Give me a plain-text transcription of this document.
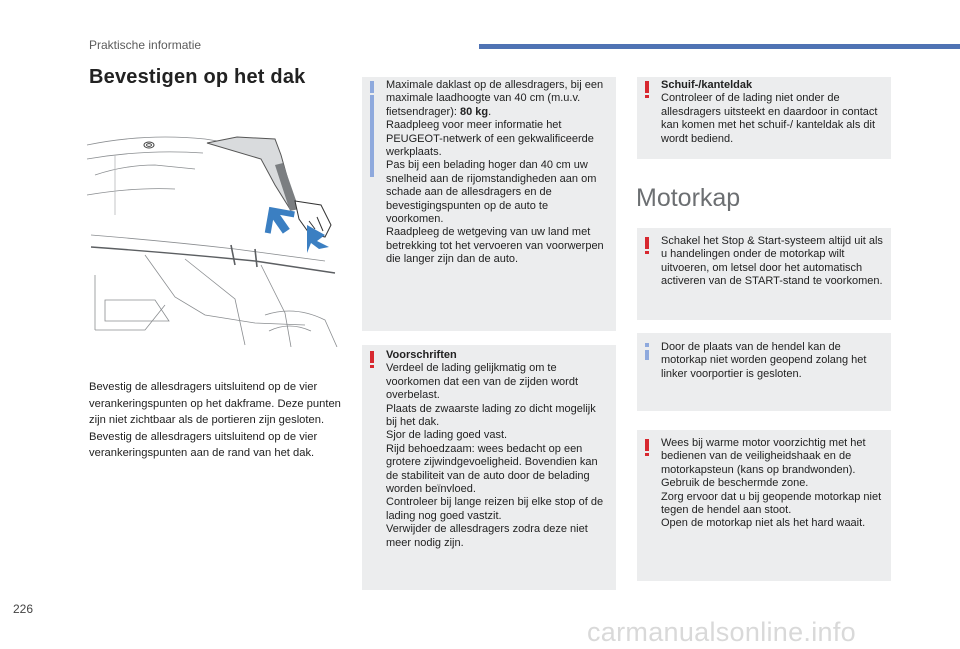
Praktische informatie
Bevestigen op het dak

Bevestig de allesdragers uitsluitend op de vier verankeringspunten op het dakframe. Deze punten zijn niet zichtbaar als de portieren zijn gesloten.

Bevestig de allesdragers uitsluitend op de vier verankeringspunten aan de rand van het dak.

Maximale daklast op de allesdragers, bij een maximale laadhoogte van 40 cm (m.u.v. fietsendrager): 80 kg.

Raadpleeg voor meer informatie het PEUGEOT-netwerk of een gekwalificeerde werkplaats.

Pas bij een belading hoger dan 40 cm uw snelheid aan de rijomstandigheden aan om schade aan de allesdragers en de bevestigingspunten op de auto te voorkomen.

Raadpleeg de wetgeving van uw land met betrekking tot het vervoeren van voorwerpen die langer zijn dan de auto.

Voorschriften

Verdeel de lading gelijkmatig om te voorkomen dat een van de zijden wordt overbelast.

Plaats de zwaarste lading zo dicht mogelijk bij het dak.

Sjor de lading goed vast.

Rijd behoedzaam: wees bedacht op een grotere zijwindgevoeligheid. Bovendien kan de stabiliteit van de auto door de belading worden beïnvloed.

Controleer bij lange reizen bij elke stop of de lading nog goed vastzit.

Verwijder de allesdragers zodra deze niet meer nodig zijn.

Schuif-/kanteldak

Controleer of de lading niet onder de allesdragers uitsteekt en daardoor in contact kan komen met het schuif-/ kanteldak als dit wordt bediend.

Motorkap

Schakel het Stop & Start-systeem altijd uit als u handelingen onder de motorkap wilt uitvoeren, om letsel door het automatisch activeren van de START-stand te voorkomen.

Door de plaats van de hendel kan de motorkap niet worden geopend zolang het linker voorportier is gesloten.

Wees bij warme motor voorzichtig met het bedienen van de veiligheidshaak en de motorkapsteun (kans op brandwonden).

Gebruik de beschermde zone.

Zorg ervoor dat u bij geopende motorkap niet tegen de hendel aan stoot.

Open de motorkap niet als het hard waait.

226
carmanualsonline.info
